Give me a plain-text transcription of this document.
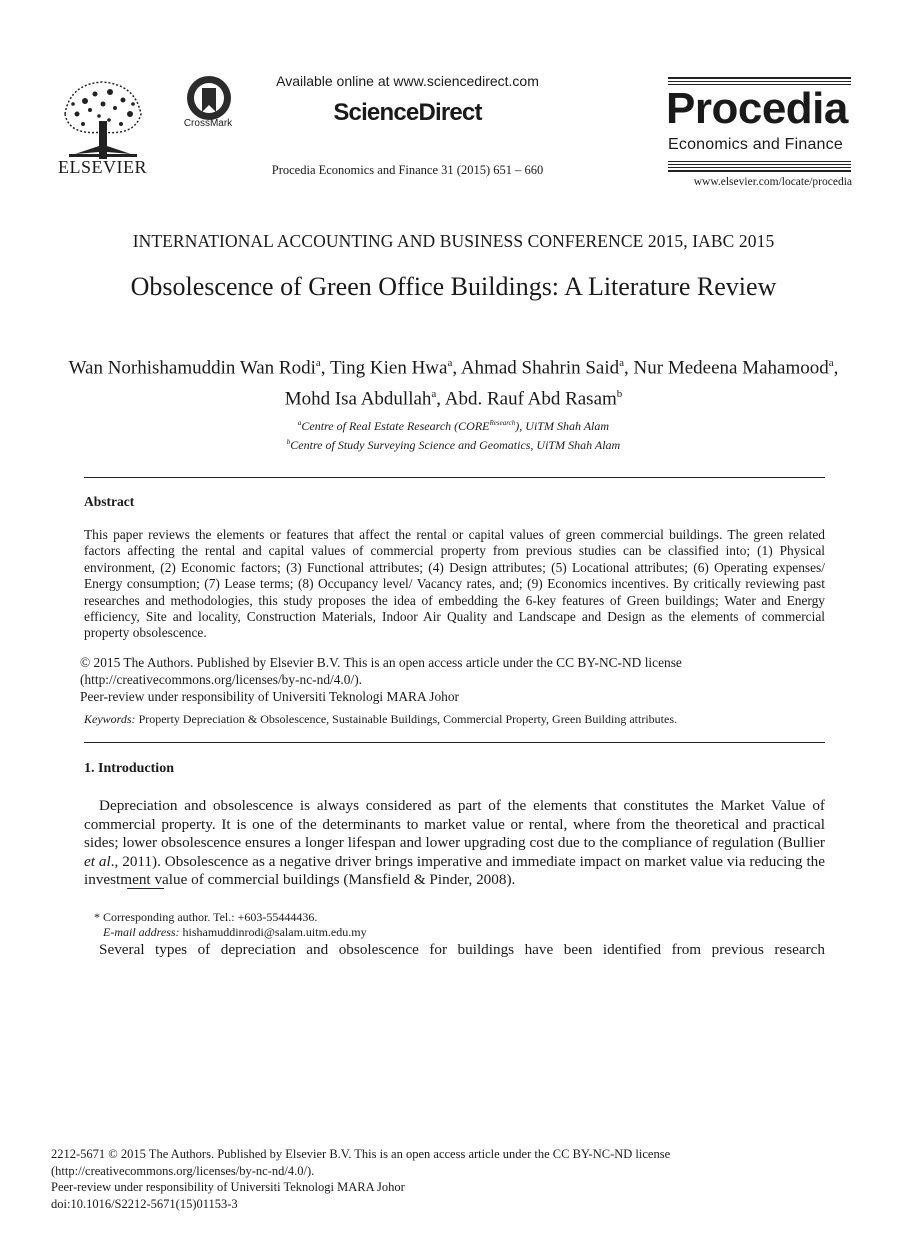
ELSEVIER
CrossMark
Available online at www.sciencedirect.com
ScienceDirect
Procedia Economics and Finance 31 (2015) 651 – 660
Procedia
Economics and Finance
www.elsevier.com/locate/procedia
INTERNATIONAL ACCOUNTING AND BUSINESS CONFERENCE 2015, IABC 2015
Obsolescence of Green Office Buildings: A Literature Review
Wan Norhishamuddin Wan Rodi$^a$, Ting Kien Hwa$^a$, Ahmad Shahrin Said$^a$, Nur Medeena Mahamood$^a$, Mohd Isa Abdullah$^a$, Abd. Rauf Abd Rasam$^b$
$^a$Centre of Real Estate Research $(CORE^{Research})$, UiTM Shah Alam
$^b$Centre of Study Surveying Science and Geomatics, UiTM Shah Alam
Abstract
This paper reviews the elements or features that affect the rental or capital values of green commercial buildings. The green related factors affecting the rental and capital values of commercial property from previous studies can be classified into; (1) Physical environment, (2) Economic factors; (3) Functional attributes; (4) Design attributes; (5) Locational attributes; (6) Operating expenses/ Energy consumption; (7) Lease terms; (8) Occupancy level/ Vacancy rates, and; (9) Economics incentives. By critically reviewing past researches and methodologies, this study proposes the idea of embedding the 6-key features of Green buildings; Water and Energy efficiency, Site and locality, Construction Materials, Indoor Air Quality and Landscape and Design as the elements of commercial property obsolescence.
© 2015 The Authors. Published by Elsevier B.V. This is an open access article under the CC BY-NC-ND license
(http://creativecommons.org/licenses/by-nc-nd/4.0/).
Peer-review under responsibility of Universiti Teknologi MARA Johor
Keywords: Property Depreciation & Obsolescence, Sustainable Buildings, Commercial Property, Green Building attributes.
1. Introduction

Depreciation and obsolescence is always considered as part of the elements that constitutes the Market Value of commercial property. It is one of the determinants to market value or rental, where from the theoretical and practical sides; lower obsolescence ensures a longer lifespan and lower upgrading cost due to the compliance of regulation (Bullier et al., 2011). Obsolescence as a negative driver brings imperative and immediate impact on market value via reducing the investment value of commercial buildings (Mansfield & Pinder, 2008).

* Corresponding author. Tel.: +603-55444436.
E-mail address: hishamuddinrodi@salam.uitm.edu.my
Several types of depreciation and obsolescence for buildings have been identified from previous research
2212-5671 © 2015 The Authors. Published by Elsevier B.V. This is an open access article under the CC BY-NC-ND license
(http://creativecommons.org/licenses/by-nc-nd/4.0/).
Peer-review under responsibility of Universiti Teknologi MARA Johor
doi:10.1016/S2212-5671(15)01153-3
